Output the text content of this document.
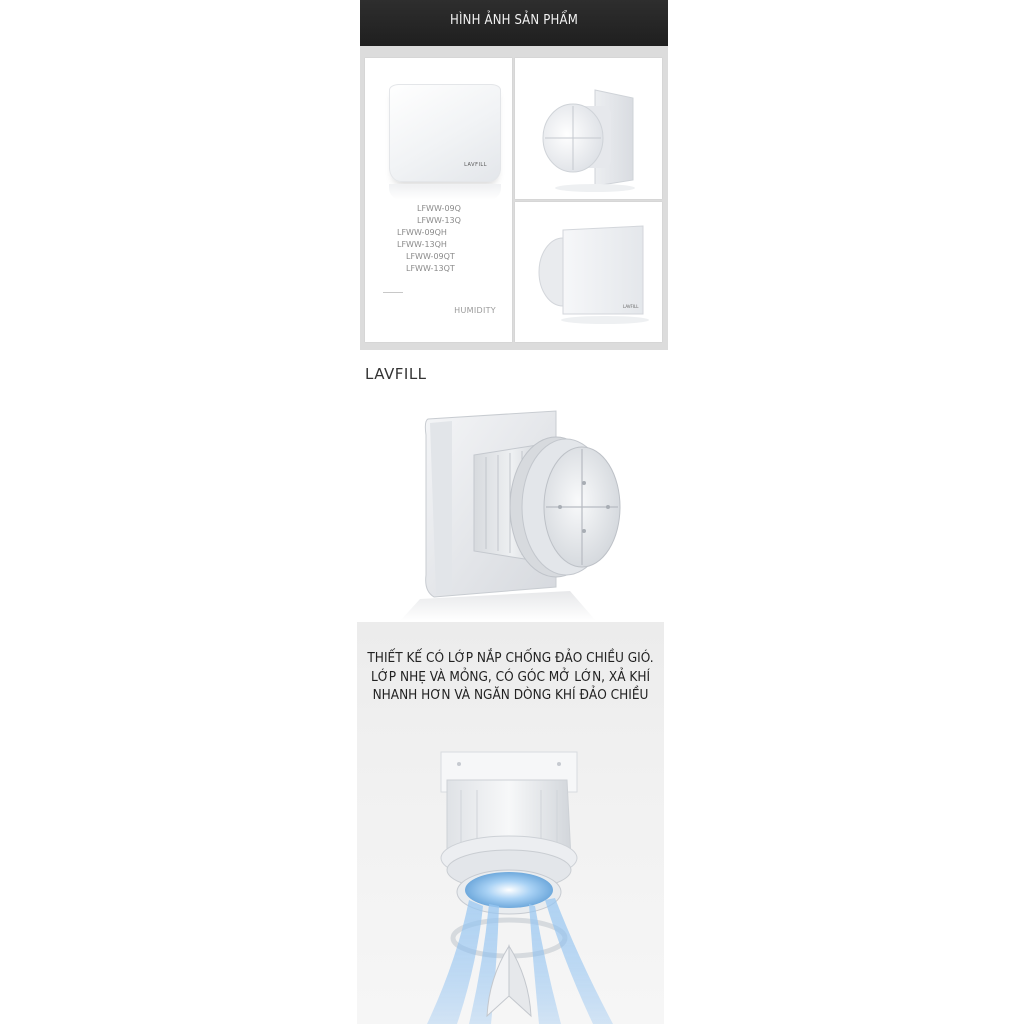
HÌNH ẢNH SẢN PHẨM
LAVFILL
LFWW-09Q
LFWW-13Q
LFWW-09QH
LFWW-13QH
LFWW-09QT
LFWW-13QT
HUMIDITY	LAVFILL
LAVFILL
THIẾT KẾ CÓ LỚP NẮP CHỐNG ĐẢO CHIỀU GIÓ. LỚP NHẸ VÀ MỎNG, CÓ GÓC MỞ LỚN, XẢ KHÍ NHANH HƠN VÀ NGĂN DÒNG KHÍ ĐẢO CHIỀU
